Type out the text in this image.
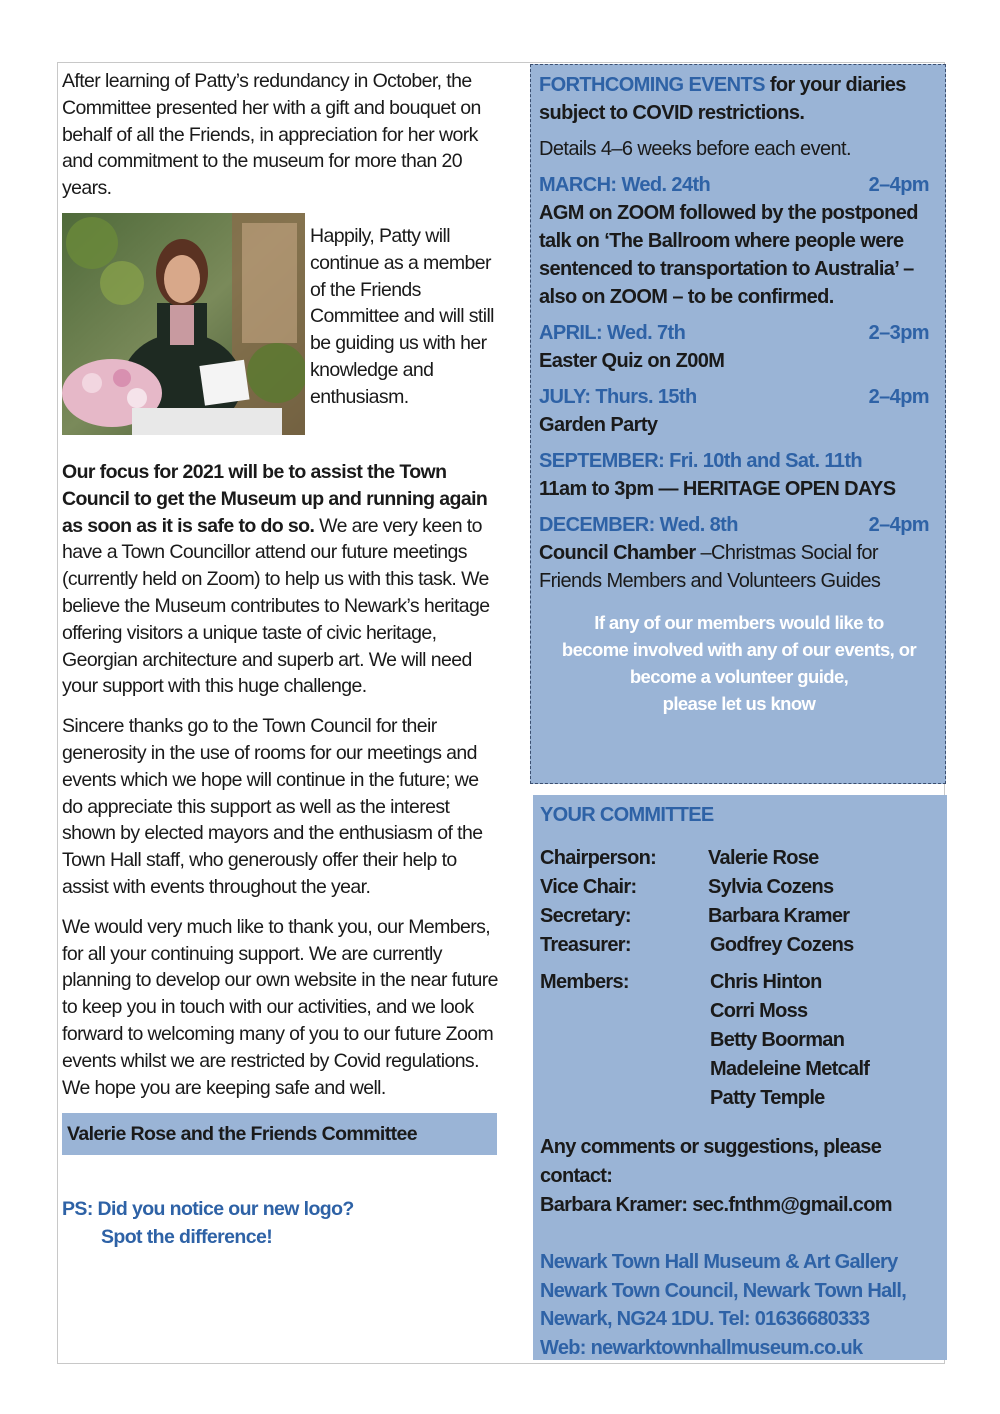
After learning of Patty’s redundancy in October, the Committee presented her with a gift and bouquet on behalf of all the Friends, in appreciation for her work and commitment to the museum for more than 20 years.

Happily, Patty will continue as a member of the Friends Committee and will still be guiding us with her knowledge and enthusiasm.

Our focus for 2021 will be to assist the Town Council to get the Museum up and running again as soon as it is safe to do so. We are very keen to have a Town Councillor attend our future meetings (currently held on Zoom) to help us with this task. We believe the Museum contributes to Newark’s heritage offering visitors a unique taste of civic heritage, Georgian architecture and superb art. We will need your support with this huge challenge.

Sincere thanks go to the Town Council for their generosity in the use of rooms for our meetings and events which we hope will continue in the future; we do appreciate this support as well as the interest shown by elected mayors and the enthusiasm of the Town Hall staff, who generously offer their help to assist with events throughout the year.

We would very much like to thank you, our Members, for all your continuing support. We are currently planning to develop our own website in the near future to keep you in touch with our activities, and we look forward to welcoming many of you to our future Zoom events whilst we are restricted by Covid regulations.

We hope you are keeping safe and well.

Valerie Rose and the Friends Committee
PS: Did you notice our new logo?
Spot the difference!
FORTHCOMING EVENTS for your diaries subject to COVID restrictions.
Details 4–6 weeks before each event.
MARCH: Wed. 24th	2–4pm
AGM on ZOOM followed by the postponed talk on ‘The Ballroom where people were sentenced to transportation to Australia’ –also on ZOOM – to be confirmed.
APRIL: Wed. 7th	2–3pm
Easter Quiz on Z00M
JULY: Thurs. 15th	2–4pm
Garden Party
SEPTEMBER: Fri. 10th and Sat. 11th
11am to 3pm — HERITAGE OPEN DAYS
DECEMBER: Wed. 8th	2–4pm
Council Chamber –Christmas Social for Friends Members and Volunteers Guides
If any of our members would like to
become involved with any of our events, or
become a volunteer guide,
please let us know
YOUR COMMITTEE
Chairperson:	Valerie Rose
Vice Chair:	Sylvia Cozens
Secretary:	Barbara Kramer
Treasurer:	Godfrey Cozens
Members:	Chris Hinton
Corri Moss
Betty Boorman
Madeleine Metcalf
Patty Temple
Any comments or suggestions, please contact:
Barbara Kramer: sec.fnthm@gmail.com
Newark Town Hall Museum & Art Gallery
Newark Town Council, Newark Town Hall,
Newark, NG24 1DU. Tel: 01636680333
Web: newarktownhallmuseum.co.uk
